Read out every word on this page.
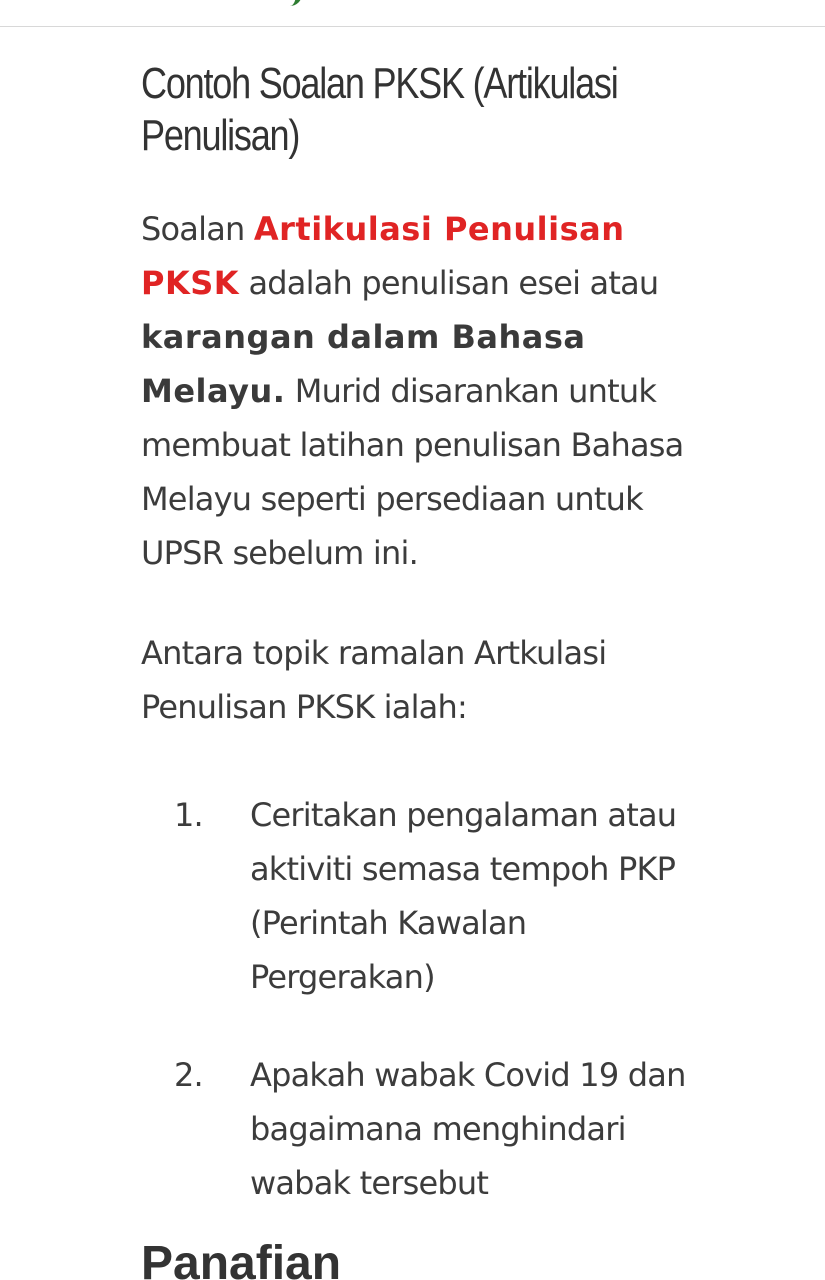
Contoh Soalan PKSK (Artikulasi Penulisan)

Soalan Artikulasi Penulisan PKSK adalah penulisan esei atau karangan dalam Bahasa Melayu. Murid disarankan untuk membuat latihan penulisan Bahasa Melayu seperti persediaan untuk UPSR sebelum ini.

Antara topik ramalan Artkulasi Penulisan PKSK ialah:

1. Ceritakan pengalaman atau aktiviti semasa tempoh PKP (Perintah Kawalan Pergerakan)
2. Apakah wabak Covid 19 dan bagaimana menghindari wabak tersebut
Panafian
